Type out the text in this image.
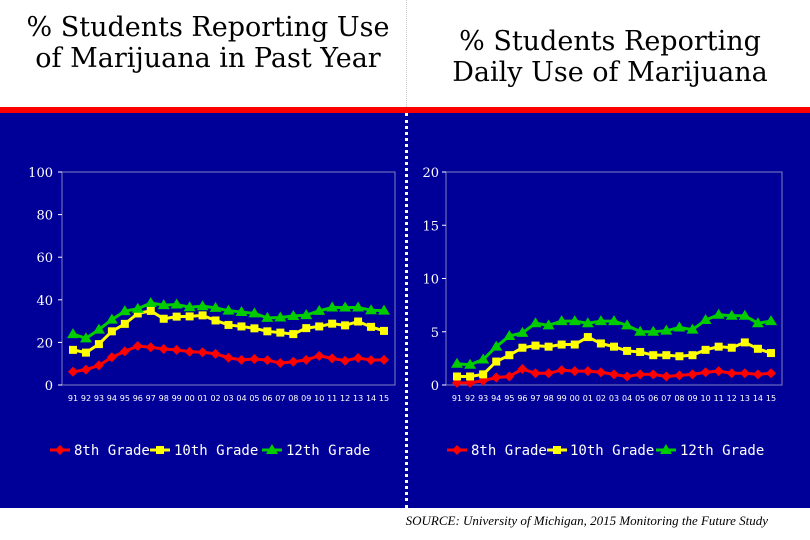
% Students Reporting Use of Marijuana in Past Year
% Students Reporting Daily Use of Marijuana
0
20
40
60
80
100
91 92 93 94 95 96 97 98 99 00 01 02 03 04 05 06 07 08 09 10 11 12 13 14 15
8th Grade 10th Grade 12th Grade
0
5
10
15
20
91 92 93 94 95 96 97 98 99 00 01 02 03 04 05 06 07 08 09 10 11 12 13 14 15
8th Grade 10th Grade 12th Grade
SOURCE: University of Michigan, 2015 Monitoring the Future Study
